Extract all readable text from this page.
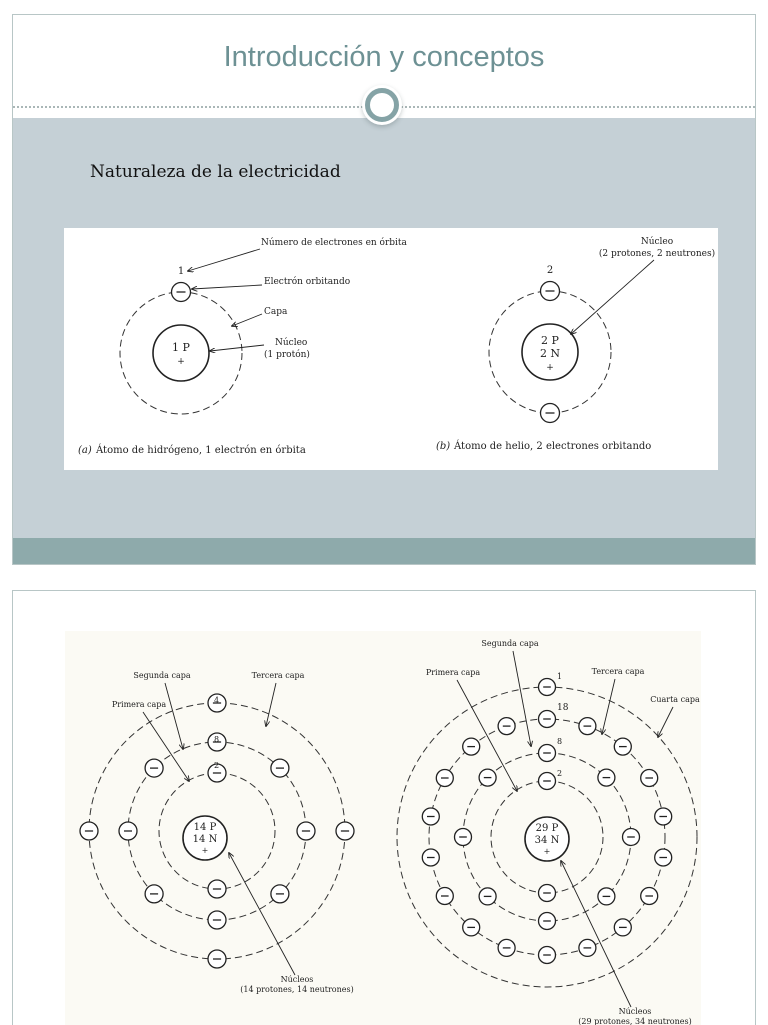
Introducción y conceptos
Naturaleza de la electricidad
1 P
+
1
Número de electrones en órbita
Electrón orbitando
Capa
Núcleo
(1 protón)
(a) Átomo de hidrógeno, 1 electrón en órbita
2 P
2 N
+
2
Núcleo
(2 protones, 2 neutrones)
(b) Átomo de helio, 2 electrones orbitando
14 P
14 N
+
4
8
2
Segunda capa	Tercera capa
Primera capa
Núcleos
(14 protones, 14 neutrones)
29 P
34 N
+
1
18
8
2
Segunda capa
Primera capa	Tercera capa
Cuarta capa
Núcleos
(29 protones, 34 neutrones)
